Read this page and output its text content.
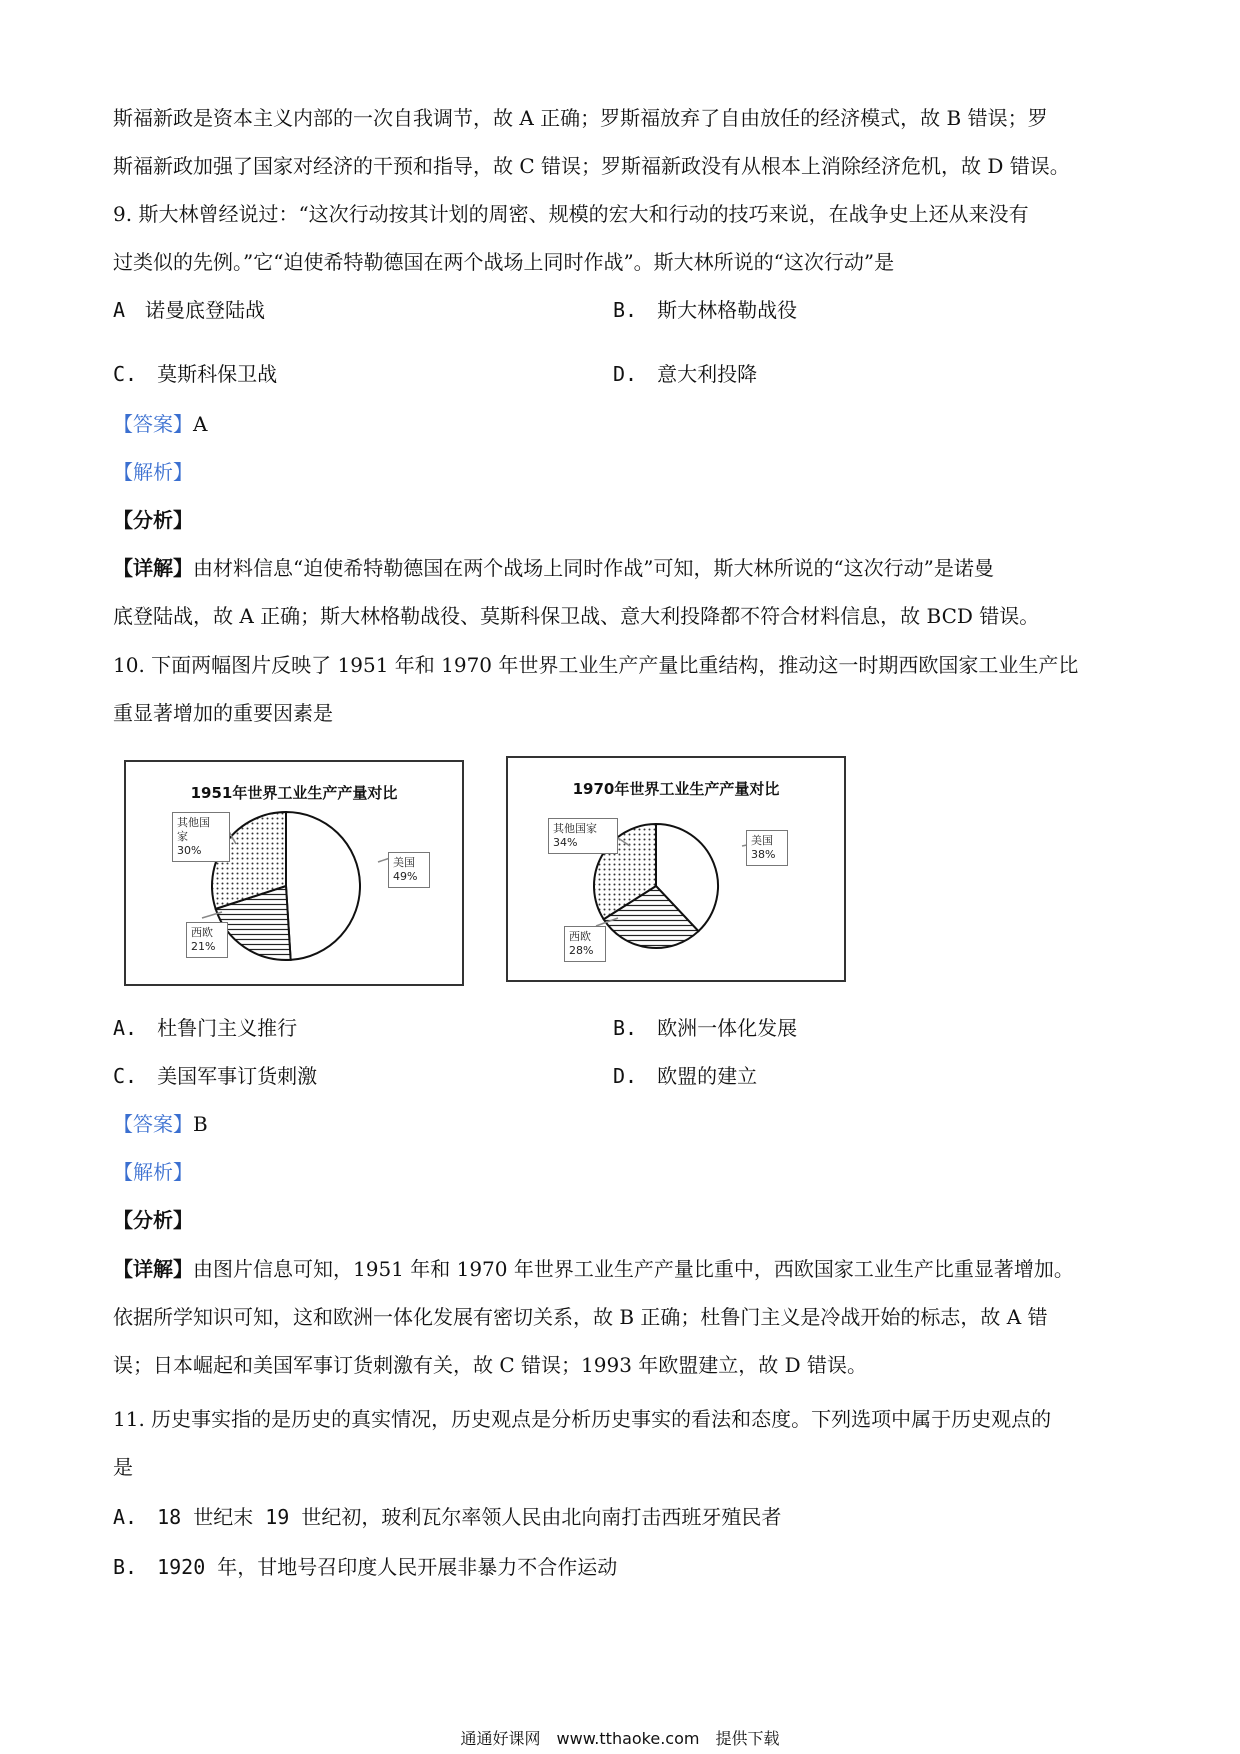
斯福新政是资本主义内部的一次自我调节，故 A 正确；罗斯福放弃了自由放任的经济模式，故 B 错误；罗
斯福新政加强了国家对经济的干预和指导，故 C 错误；罗斯福新政没有从根本上消除经济危机，故 D 错误。
9. 斯大林曾经说过：“这次行动按其计划的周密、规模的宏大和行动的技巧来说，在战争史上还从来没有
过类似的先例。”它“迫使希特勒德国在两个战场上同时作战”。斯大林所说的“这次行动”是
A　诺曼底登陆战	B.　斯大林格勒战役
C.　莫斯科保卫战	D.　意大利投降
【答案】A
【解析】
【分析】
【详解】由材料信息“迫使希特勒德国在两个战场上同时作战”可知，斯大林所说的“这次行动”是诺曼
底登陆战，故 A 正确；斯大林格勒战役、莫斯科保卫战、意大利投降都不符合材料信息，故 BCD 错误。
10. 下面两幅图片反映了 1951 年和 1970 年世界工业生产产量比重结构，推动这一时期西欧国家工业生产比
重显著增加的重要因素是
1951年世界工业生产产量对比
其他国
家
30%
美国
49%
西欧
21%
1970年世界工业生产产量对比
其他国家
34%	美国
38%
西欧
28%
A.　杜鲁门主义推行	B.　欧洲一体化发展
C.　美国军事订货刺激	D.　欧盟的建立
【答案】B
【解析】
【分析】
【详解】由图片信息可知，1951 年和 1970 年世界工业生产产量比重中，西欧国家工业生产比重显著增加。
依据所学知识可知，这和欧洲一体化发展有密切关系，故 B 正确；杜鲁门主义是冷战开始的标志，故 A 错
误；日本崛起和美国军事订货刺激有关，故 C 错误；1993 年欧盟建立，故 D 错误。
11. 历史事实指的是历史的真实情况，历史观点是分析历史事实的看法和态度。下列选项中属于历史观点的
是
A.　18 世纪末 19 世纪初，玻利瓦尔率领人民由北向南打击西班牙殖民者
B.　1920 年，甘地号召印度人民开展非暴力不合作运动
通通好课网　www.tthaoke.com　提供下载
